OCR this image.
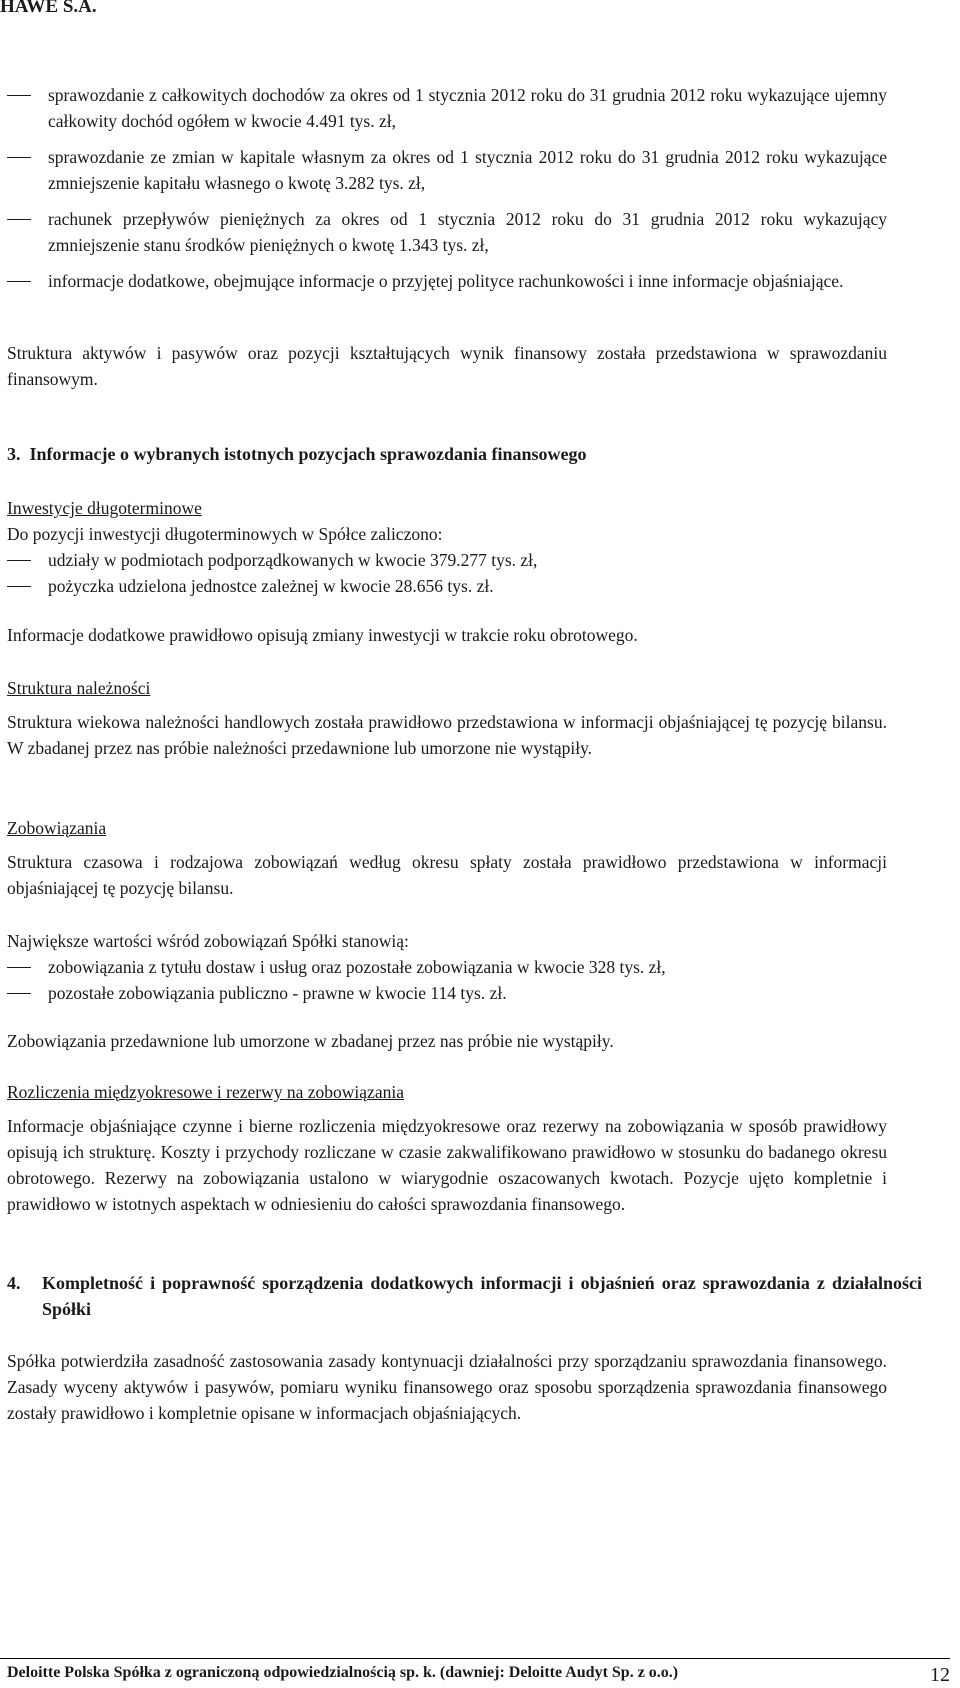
HAWE S.A.
sprawozdanie z całkowitych dochodów za okres od 1 stycznia 2012 roku do 31 grudnia 2012 roku wykazujące ujemny całkowity dochód ogółem w kwocie 4.491 tys. zł,
sprawozdanie ze zmian w kapitale własnym za okres od 1 stycznia 2012 roku do 31 grudnia 2012 roku wykazujące zmniejszenie kapitału własnego o kwotę 3.282 tys. zł,
rachunek przepływów pieniężnych za okres od 1 stycznia 2012 roku do 31 grudnia 2012 roku wykazujący zmniejszenie stanu środków pieniężnych o kwotę 1.343 tys. zł,
informacje dodatkowe, obejmujące informacje o przyjętej polityce rachunkowości i inne informacje objaśniające.

Struktura aktywów i pasywów oraz pozycji kształtujących wynik finansowy została przedstawiona w sprawozdaniu finansowym.

3. Informacje o wybranych istotnych pozycjach sprawozdania finansowego

Inwestycje długoterminowe

Do pozycji inwestycji długoterminowych w Spółce zaliczono:

udziały w podmiotach podporządkowanych w kwocie 379.277 tys. zł,
pożyczka udzielona jednostce zależnej w kwocie 28.656 tys. zł.

Informacje dodatkowe prawidłowo opisują zmiany inwestycji w trakcie roku obrotowego.

Struktura należności

Struktura wiekowa należności handlowych została prawidłowo przedstawiona w informacji objaśniającej tę pozycję bilansu. W zbadanej przez nas próbie należności przedawnione lub umorzone nie wystąpiły.

Zobowiązania

Struktura czasowa i rodzajowa zobowiązań według okresu spłaty została prawidłowo przedstawiona w informacji objaśniającej tę pozycję bilansu.

Największe wartości wśród zobowiązań Spółki stanowią:

zobowiązania z tytułu dostaw i usług oraz pozostałe zobowiązania w kwocie 328 tys. zł,
pozostałe zobowiązania publiczno - prawne w kwocie 114 tys. zł.

Zobowiązania przedawnione lub umorzone w zbadanej przez nas próbie nie wystąpiły.

Rozliczenia międzyokresowe i rezerwy na zobowiązania

Informacje objaśniające czynne i bierne rozliczenia międzyokresowe oraz rezerwy na zobowiązania w sposób prawidłowy opisują ich strukturę. Koszty i przychody rozliczane w czasie zakwalifikowano prawidłowo w stosunku do badanego okresu obrotowego. Rezerwy na zobowiązania ustalono w wiarygodnie oszacowanych kwotach. Pozycje ujęto kompletnie i prawidłowo w istotnych aspektach w odniesieniu do całości sprawozdania finansowego.

4. Kompletność i poprawność sporządzenia dodatkowych informacji i objaśnień oraz sprawozdania z działalności Spółki

Spółka potwierdziła zasadność zastosowania zasady kontynuacji działalności przy sporządzaniu sprawozdania finansowego. Zasady wyceny aktywów i pasywów, pomiaru wyniku finansowego oraz sposobu sporządzenia sprawozdania finansowego zostały prawidłowo i kompletnie opisane w informacjach objaśniających.

Deloitte Polska Spółka z ograniczoną odpowiedzialnością sp. k. (dawniej: Deloitte Audyt Sp. z o.o.)	12
